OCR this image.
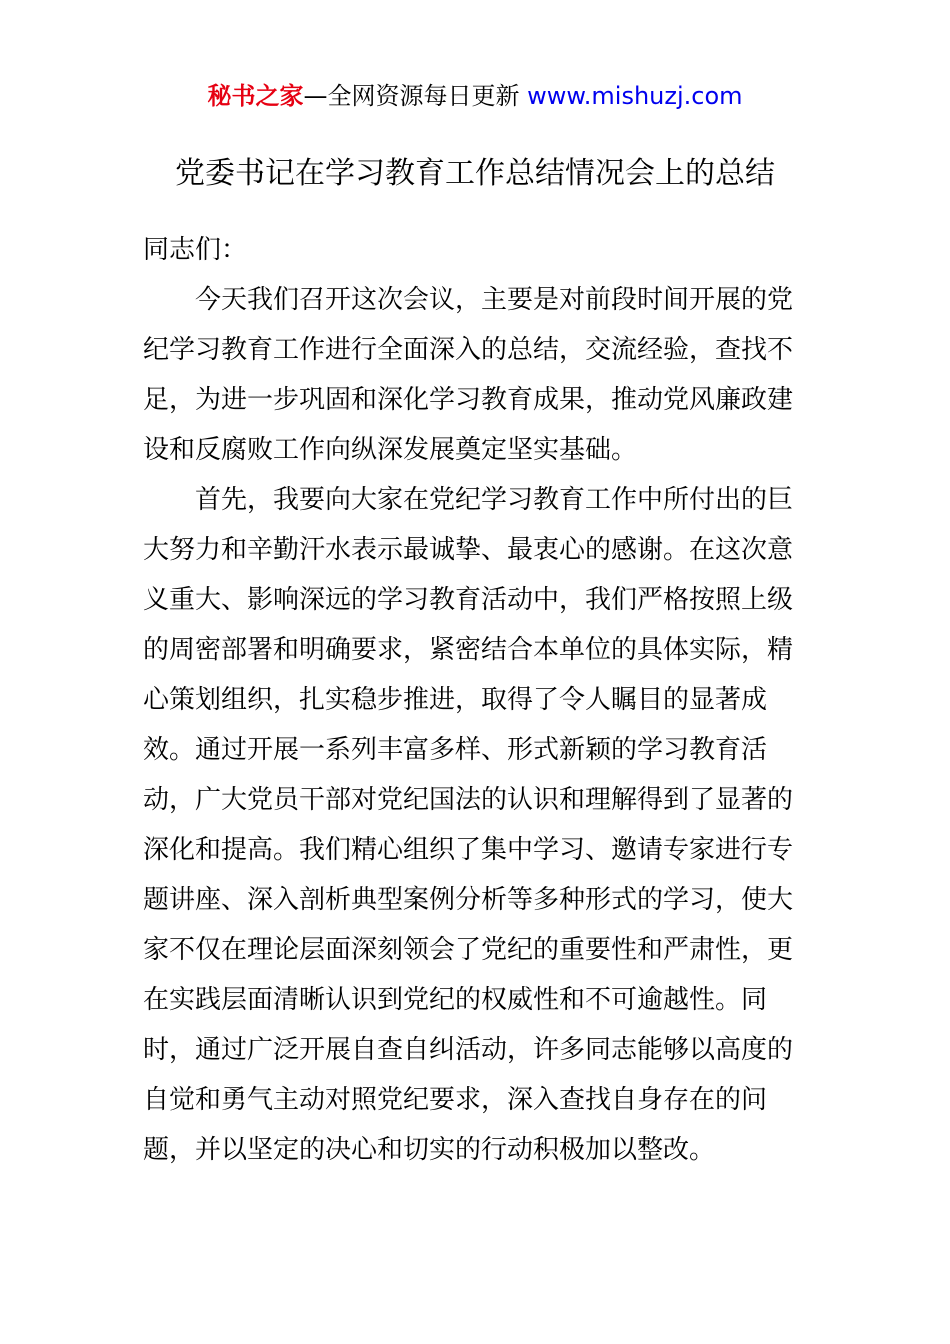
秘书之家—全网资源每日更新 www.mishuzj.com
党委书记在学习教育工作总结情况会上的总结
同志们：
今天我们召开这次会议，主要是对前段时间开展的党
纪学习教育工作进行全面深入的总结，交流经验，查找不
足，为进一步巩固和深化学习教育成果，推动党风廉政建
设和反腐败工作向纵深发展奠定坚实基础。
首先，我要向大家在党纪学习教育工作中所付出的巨
大努力和辛勤汗水表示最诚挚、最衷心的感谢。在这次意
义重大、影响深远的学习教育活动中，我们严格按照上级
的周密部署和明确要求，紧密结合本单位的具体实际，精
心策划组织，扎实稳步推进，取得了令人瞩目的显著成
效。通过开展一系列丰富多样、形式新颖的学习教育活
动，广大党员干部对党纪国法的认识和理解得到了显著的
深化和提高。我们精心组织了集中学习、邀请专家进行专
题讲座、深入剖析典型案例分析等多种形式的学习，使大
家不仅在理论层面深刻领会了党纪的重要性和严肃性，更
在实践层面清晰认识到党纪的权威性和不可逾越性。同
时，通过广泛开展自查自纠活动，许多同志能够以高度的
自觉和勇气主动对照党纪要求，深入查找自身存在的问
题，并以坚定的决心和切实的行动积极加以整改。
